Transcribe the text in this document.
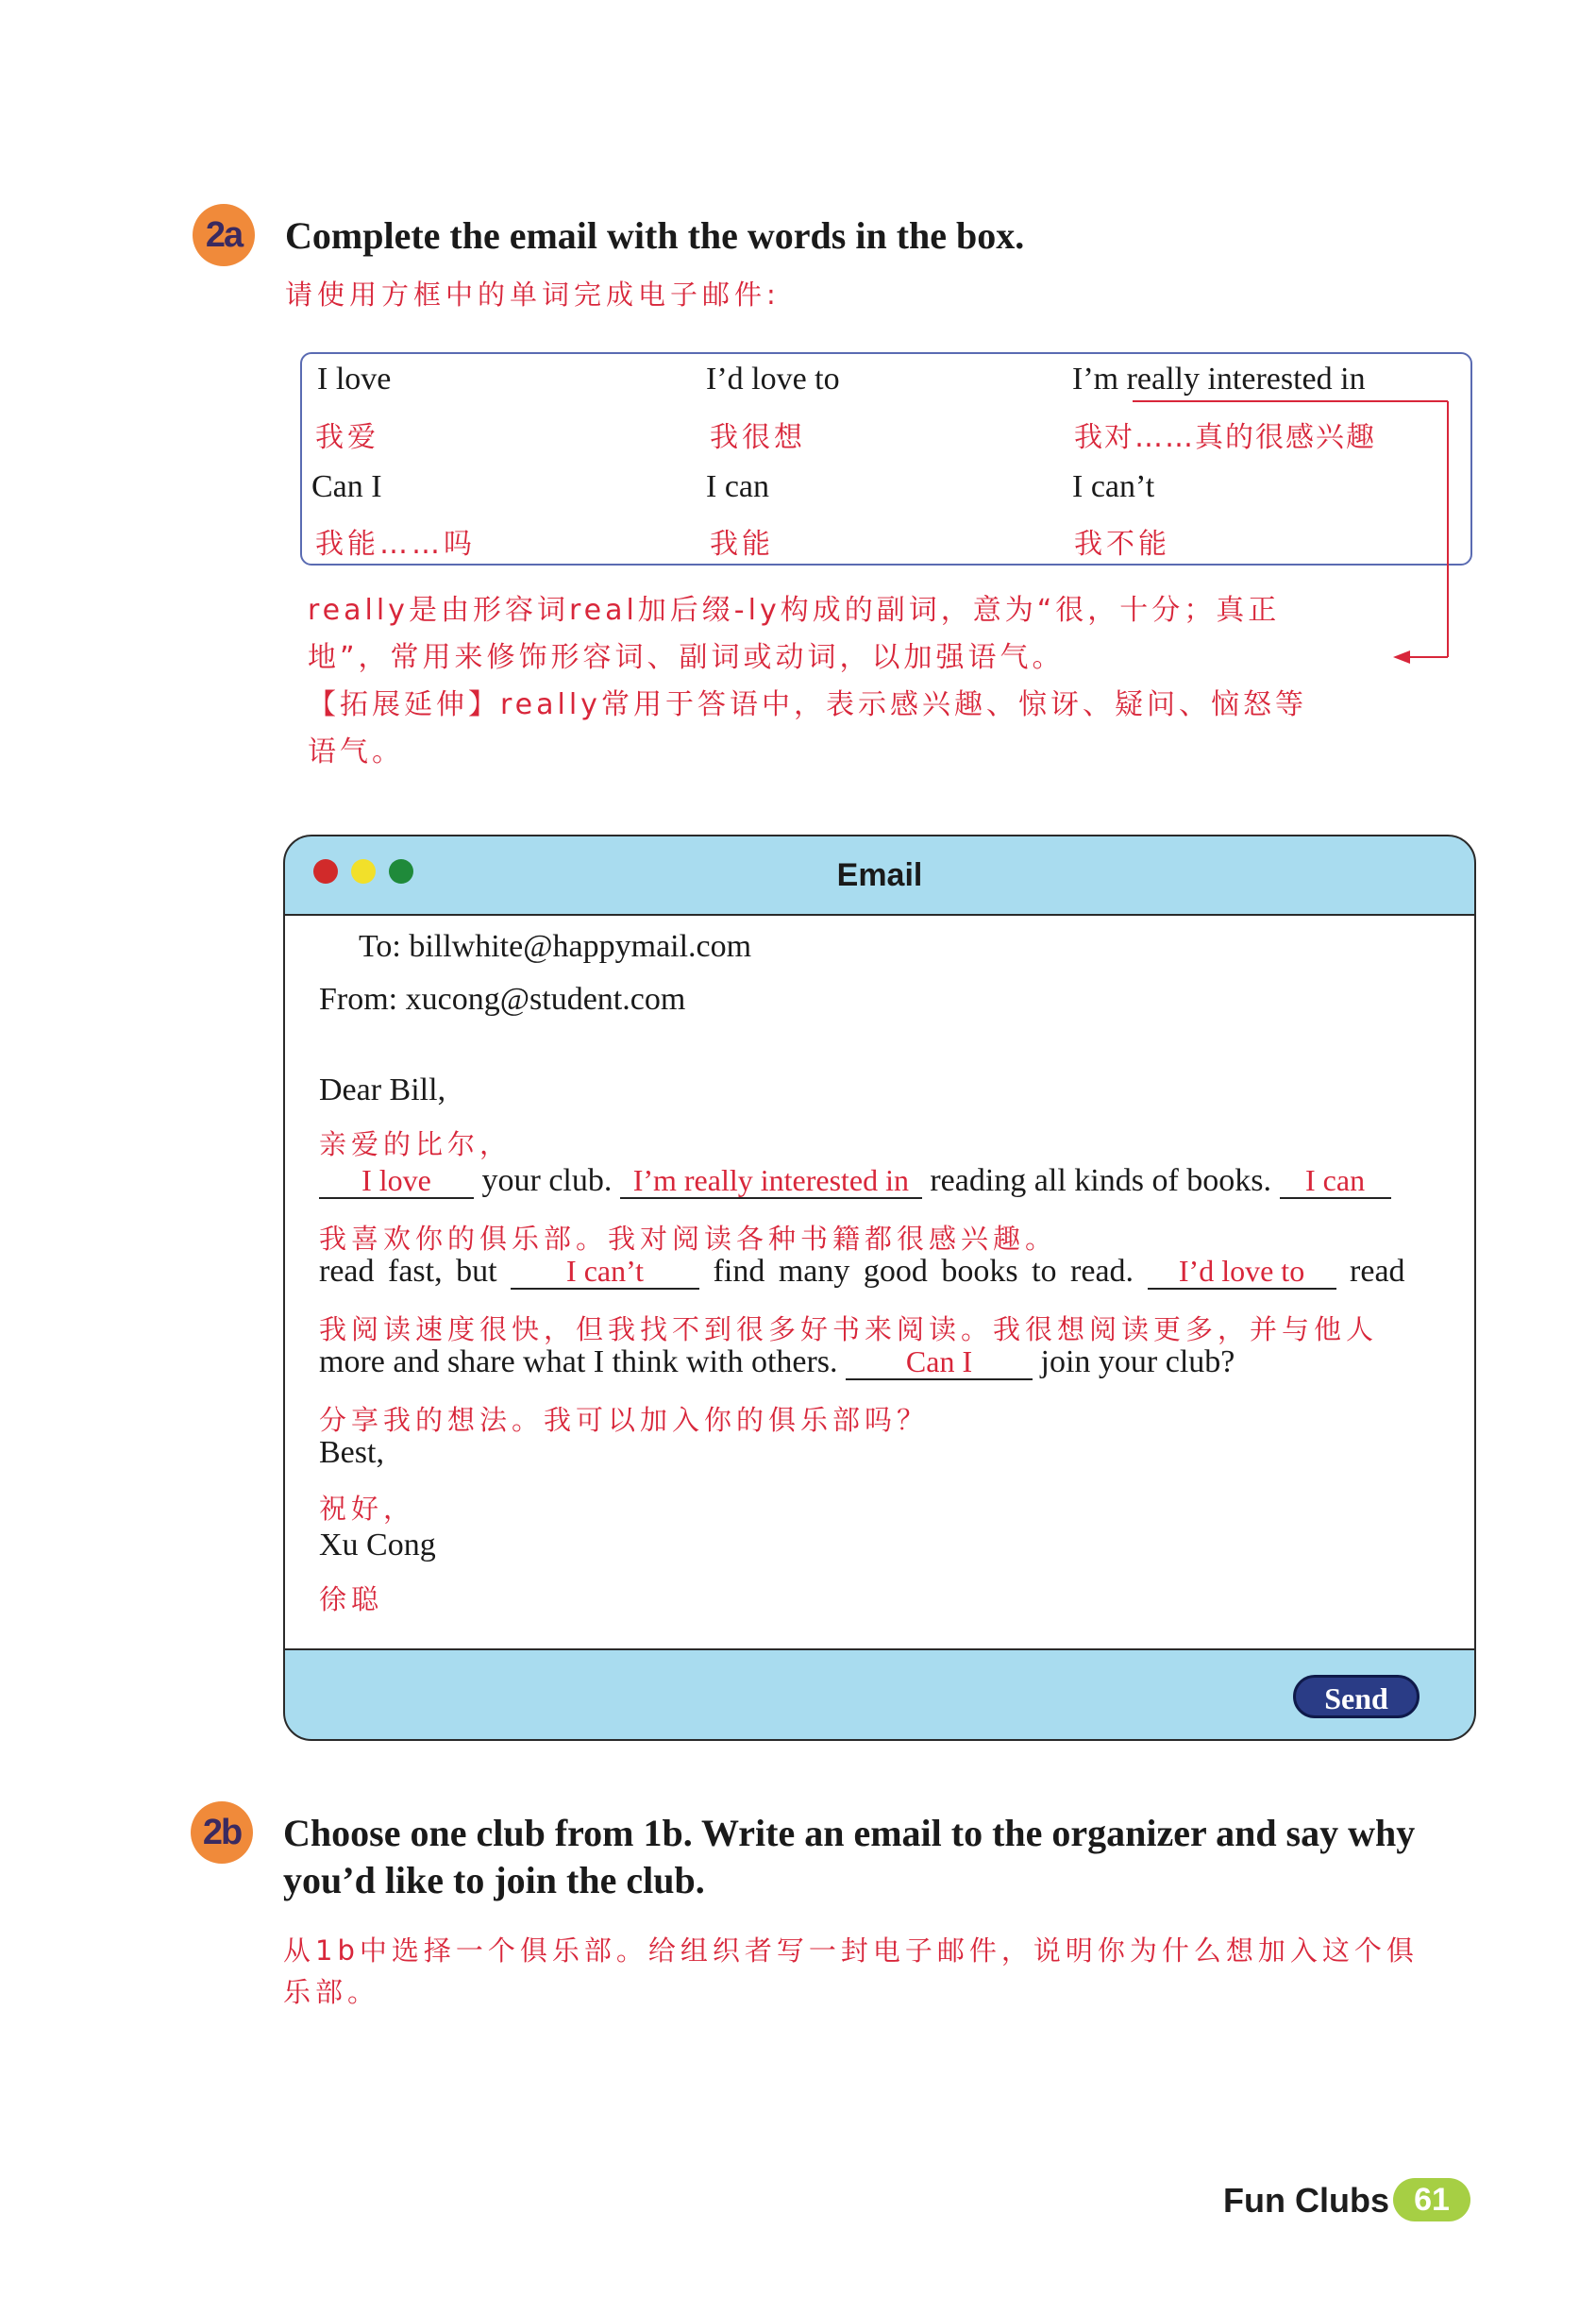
2a	Complete the email with the words in the box.
请使用方框中的单词完成电子邮件:
I love
我爱
I’d love to
我很想
I’m really interested in
我对……真的很感兴趣
Can I
我能……吗
I can
我能
I can’t
我不能
really是由形容词real加后缀-ly构成的副词，意为“很，十分；真正
地”，常用来修饰形容词、副词或动词，以加强语气。
【拓展延伸】really常用于答语中，表示感兴趣、惊讶、疑问、恼怒等
语气。
Email
Send
To: billwhite@happymail.com
From: xucong@student.com
Dear Bill,
亲爱的比尔，
I love your club. I’m really interested in reading all kinds of books. I can
我喜欢你的俱乐部。我对阅读各种书籍都很感兴趣。
read fast, but I can’t find many good books to read. I’d love to read
我阅读速度很快，但我找不到很多好书来阅读。我很想阅读更多，并与他人
more and share what I think with others. Can I join your club?
分享我的想法。我可以加入你的俱乐部吗？
Best,
祝好，
Xu Cong
徐聪
2b	Choose one club from 1b. Write an email to the organizer and say why
you’d like to join the club.
从1b中选择一个俱乐部。给组织者写一封电子邮件，说明你为什么想加入这个俱
乐部。
Fun Clubs 61
